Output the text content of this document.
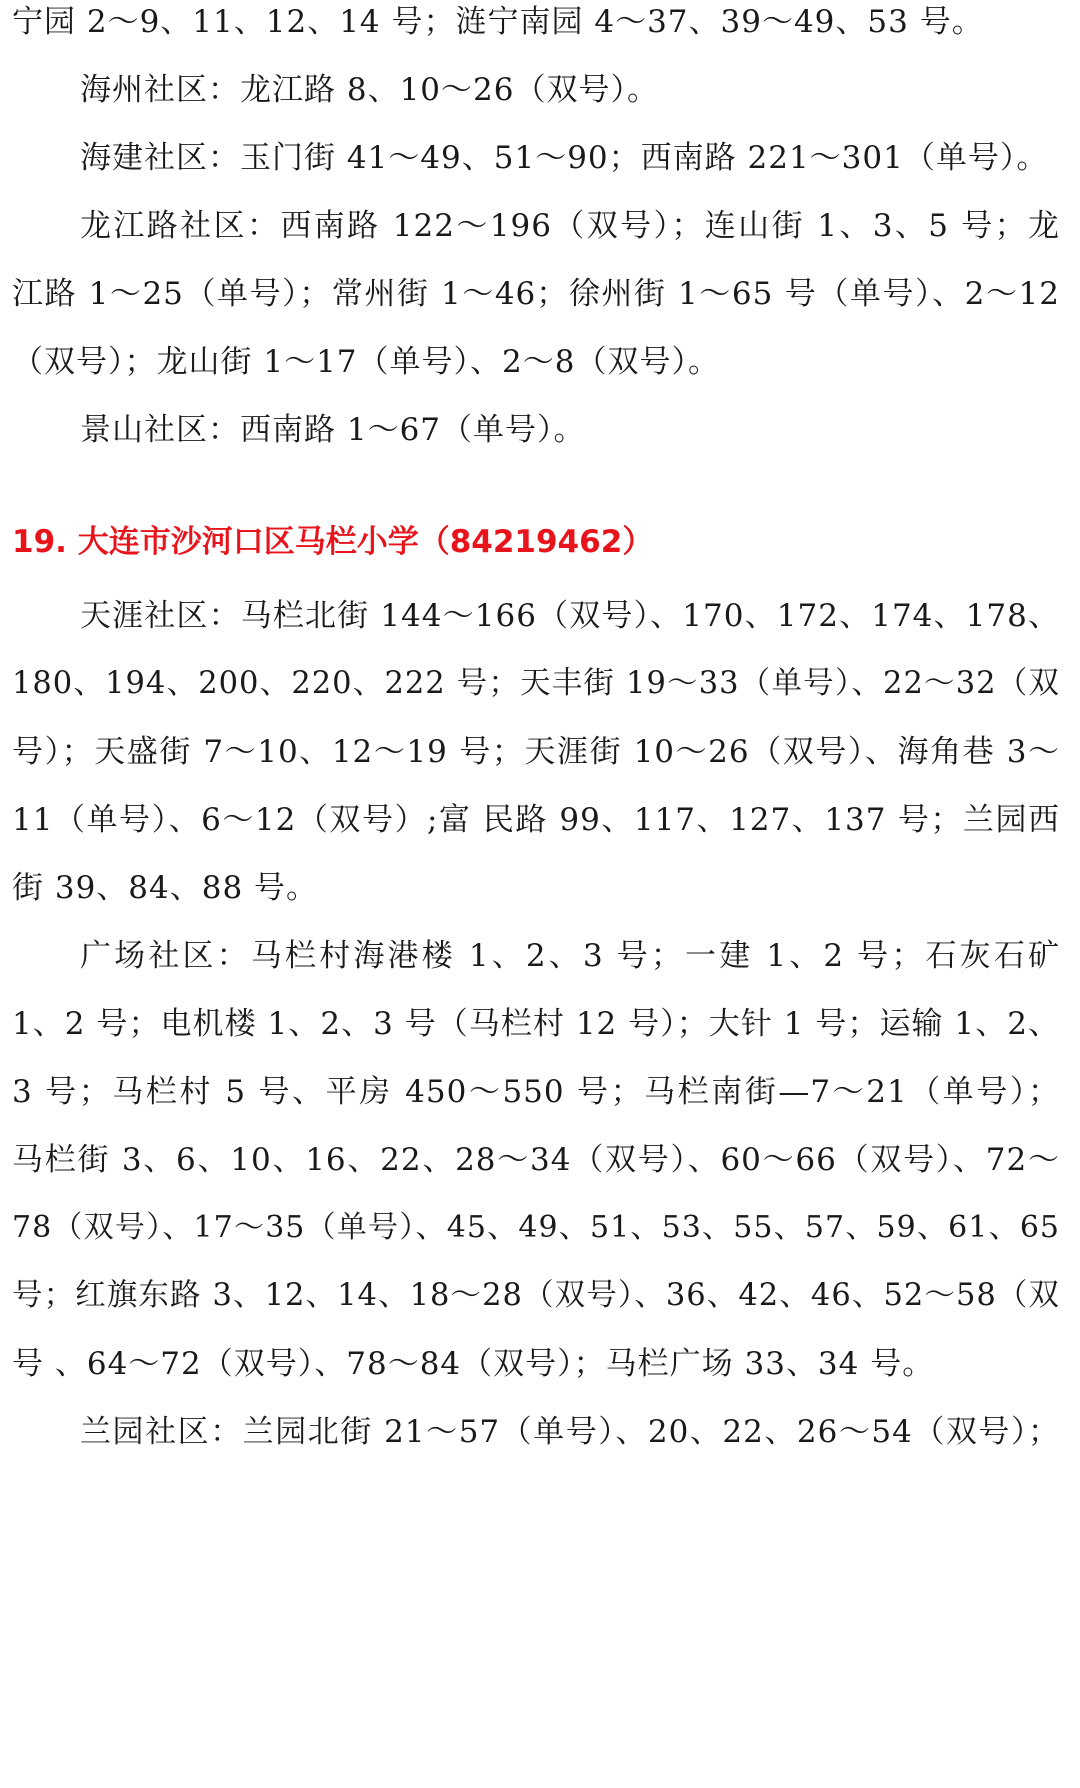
宁园 2～9、11、12、14 号；涟宁南园 4～37、39～49、53 号。
海州社区：龙江路 8、10～26（双号）。
海建社区：玉门街 41～49、51～90；西南路 221～301（单号）。
龙江路社区：西南路 122～196（双号）；连山街 1、3、5 号；龙
江路 1～25（单号）；常州街 1～46；徐州街 1～65 号（单号）、2～12
（双号）；龙山街 1～17（单号）、2～8（双号）。
景山社区：西南路 1～67（单号）。
19. 大连市沙河口区马栏小学（84219462）
天涯社区：马栏北街 144～166（双号）、170、172、174、178、
180、194、200、220、222 号；天丰街 19～33（单号）、22～32（双
号）；天盛街 7～10、12～19 号；天涯街 10～26（双号）、海角巷 3～
11（单号）、6～12（双号）;富 民路 99、117、127、137 号；兰园西
街 39、84、88 号。
广场社区：马栏村海港楼 1、2、3 号；一建 1、2 号；石灰石矿
1、2 号；电机楼 1、2、3 号（马栏村 12 号）；大针 1 号；运输 1、2、
3 号；马栏村 5 号、平房 450～550 号；马栏南街—7～21（单号）；
马栏街 3、6、10、16、22、28～34（双号）、60～66（双号）、72～
78（双号）、17～35（单号）、45、49、51、53、55、57、59、61、65
号；红旗东路 3、12、14、18～28（双号）、36、42、46、52～58（双
号 、64～72（双号）、78～84（双号）；马栏广场 33、34 号。
兰园社区：兰园北街 21～57（单号）、20、22、26～54（双号）；
